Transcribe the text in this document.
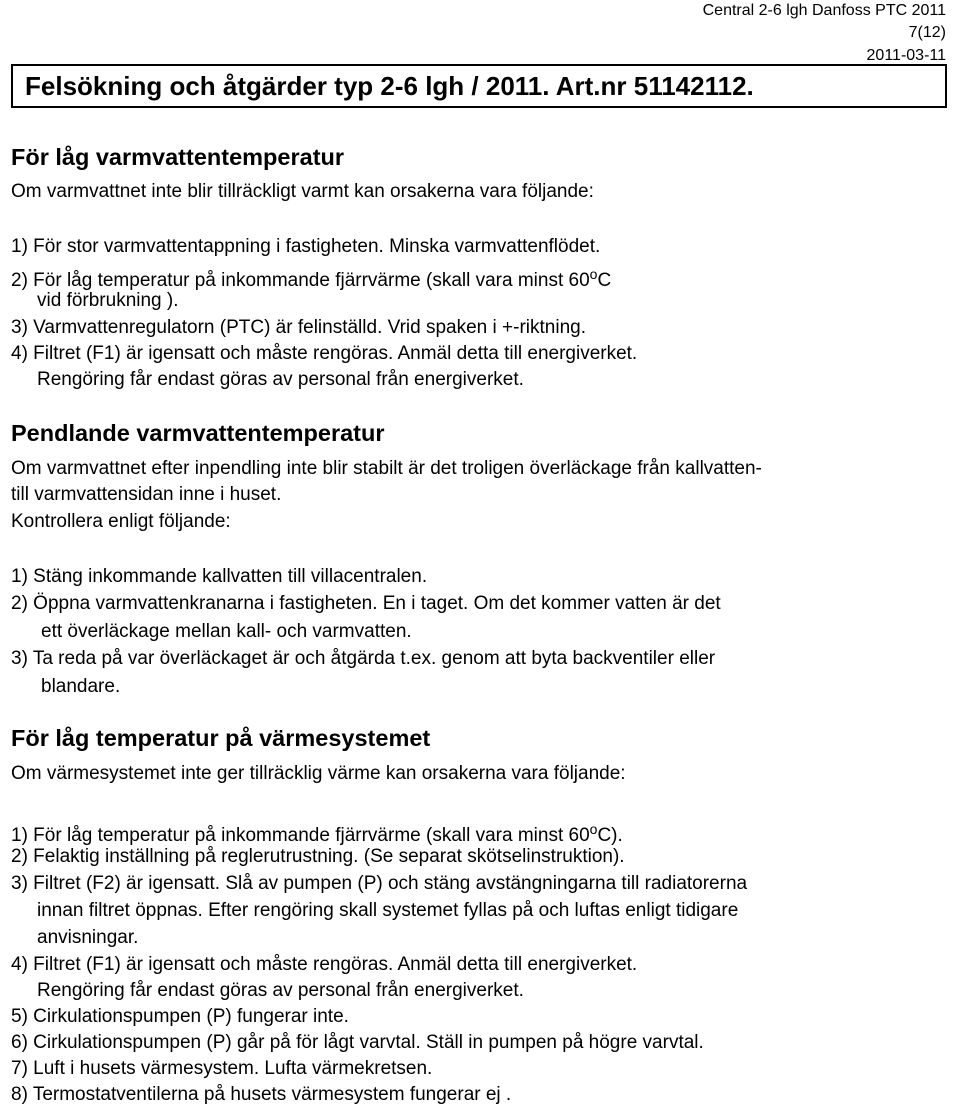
Central 2-6 lgh Danfoss PTC 2011
7(12)
2011-03-11
Felsökning och åtgärder typ 2-6 lgh / 2011. Art.nr 51142112.
För låg varmvattentemperatur
Om varmvattnet inte blir tillräckligt varmt kan orsakerna vara följande:
1) För stor varmvattentappning i fastigheten. Minska varmvattenflödet.
2) För låg temperatur på inkommande fjärrvärme (skall vara minst 60$^o$C
vid förbrukning ).
3) Varmvattenregulatorn (PTC) är felinställd. Vrid spaken i +-riktning.
4) Filtret (F1) är igensatt och måste rengöras. Anmäl detta till energiverket.
Rengöring får endast göras av personal från energiverket.
Pendlande varmvattentemperatur
Om varmvattnet efter inpendling inte blir stabilt är det troligen överläckage från kallvatten-
till varmvattensidan inne i huset.
Kontrollera enligt följande:
1) Stäng inkommande kallvatten till villacentralen.
2) Öppna varmvattenkranarna i fastigheten. En i taget. Om det kommer vatten är det
ett överläckage mellan kall- och varmvatten.
3) Ta reda på var överläckaget är och åtgärda t.ex. genom att byta backventiler eller
blandare.
För låg temperatur på värmesystemet
Om värmesystemet inte ger tillräcklig värme kan orsakerna vara följande:
1) För låg temperatur på inkommande fjärrvärme (skall vara minst 60$^o$C).
2) Felaktig inställning på reglerutrustning. (Se separat skötselinstruktion).
3) Filtret (F2) är igensatt. Slå av pumpen (P) och stäng avstängningarna till radiatorerna
innan filtret öppnas. Efter rengöring skall systemet fyllas på och luftas enligt tidigare
anvisningar.
4) Filtret (F1) är igensatt och måste rengöras. Anmäl detta till energiverket.
Rengöring får endast göras av personal från energiverket.
5) Cirkulationspumpen (P) fungerar inte.
6) Cirkulationspumpen (P) går på för lågt varvtal. Ställ in pumpen på högre varvtal.
7) Luft i husets värmesystem. Lufta värmekretsen.
8) Termostatventilerna på husets värmesystem fungerar ej .
